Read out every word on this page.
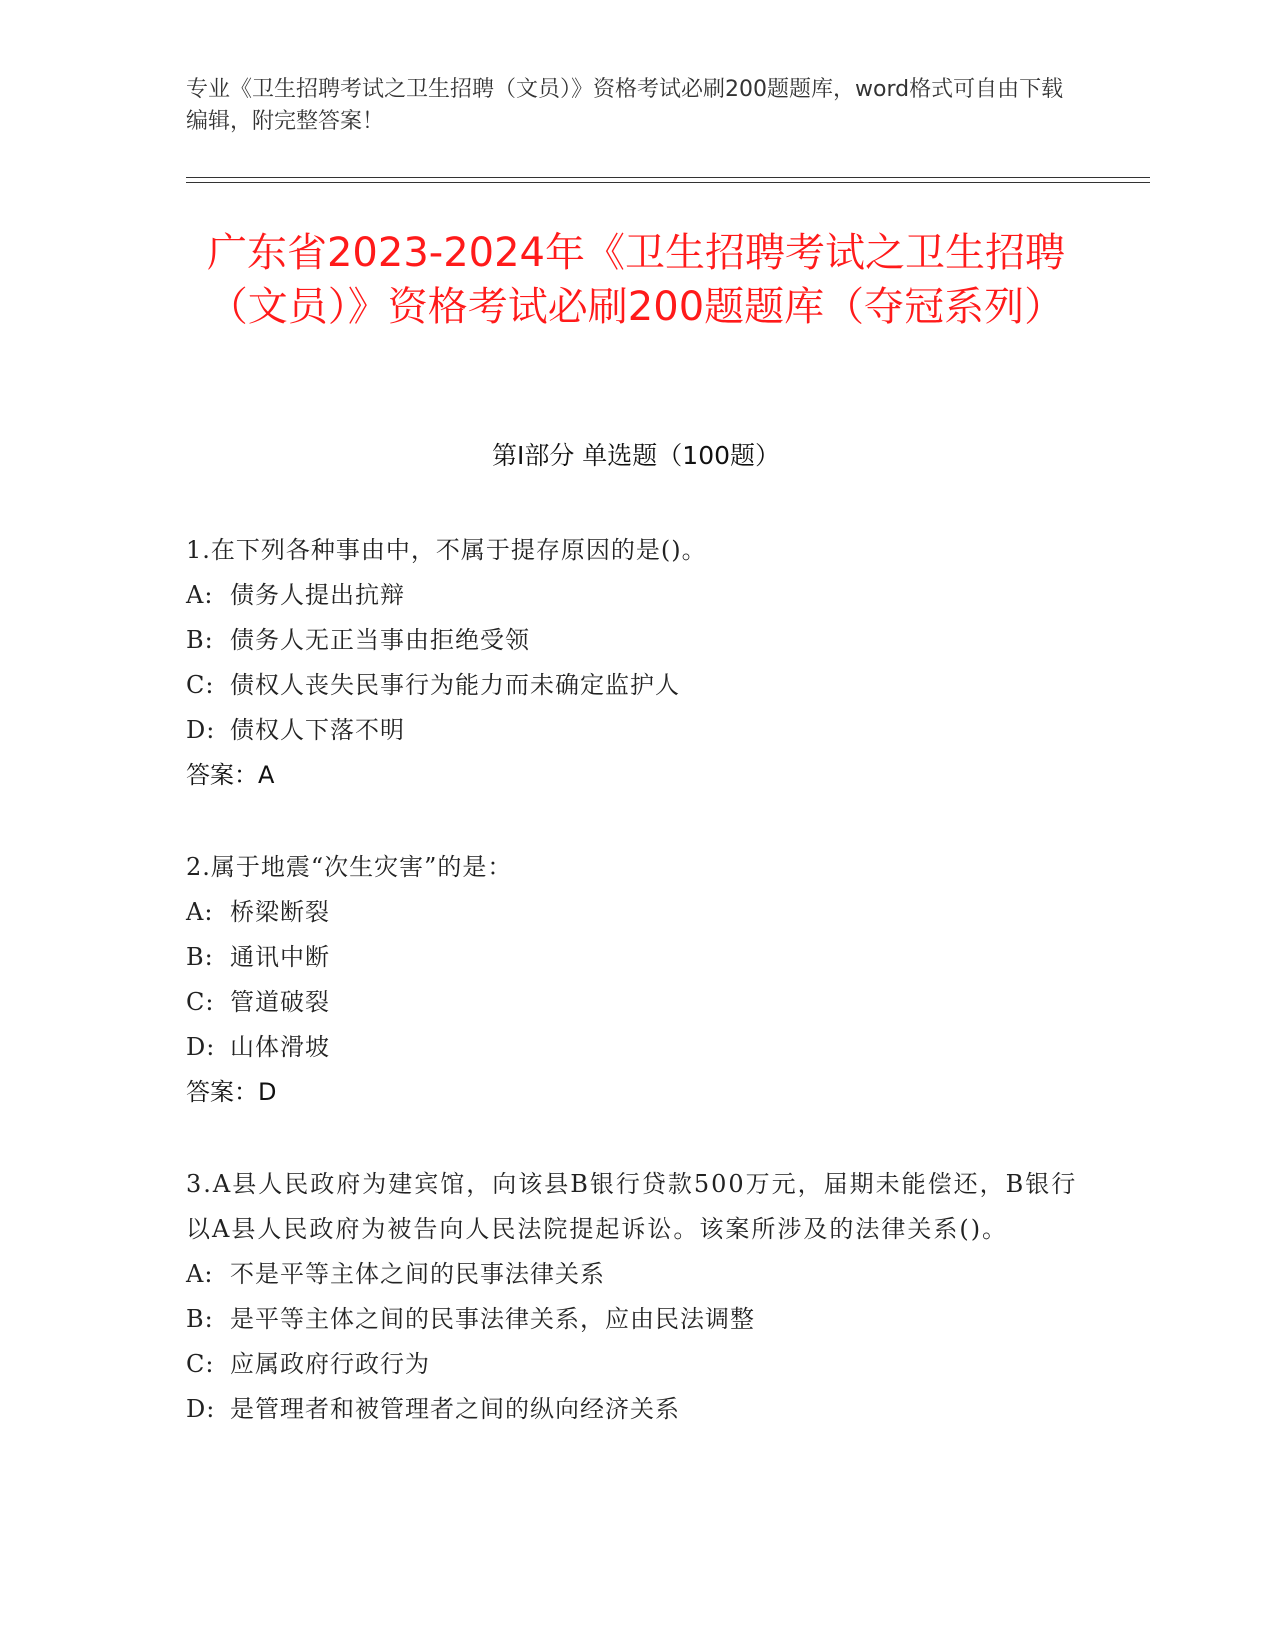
专业《卫生招聘考试之卫生招聘（文员）》资格考试必刷200题题库，word格式可自由下载编辑，附完整答案！
广东省2023-2024年《卫生招聘考试之卫生招聘（文员）》资格考试必刷200题题库（夺冠系列）
第I部分 单选题（100题）
1.在下列各种事由中，不属于提存原因的是()。
A: 债务人提出抗辩
B: 债务人无正当事由拒绝受领
C: 债权人丧失民事行为能力而未确定监护人
D: 债权人下落不明
答案：A
2.属于地震“次生灾害”的是：
A: 桥梁断裂
B: 通讯中断
C: 管道破裂
D: 山体滑坡
答案：D
3.A县人民政府为建宾馆，向该县B银行贷款500万元，届期未能偿还，B银行以A县人民政府为被告向人民法院提起诉讼。该案所涉及的法律关系()。
A: 不是平等主体之间的民事法律关系
B: 是平等主体之间的民事法律关系，应由民法调整
C: 应属政府行政行为
D: 是管理者和被管理者之间的纵向经济关系
